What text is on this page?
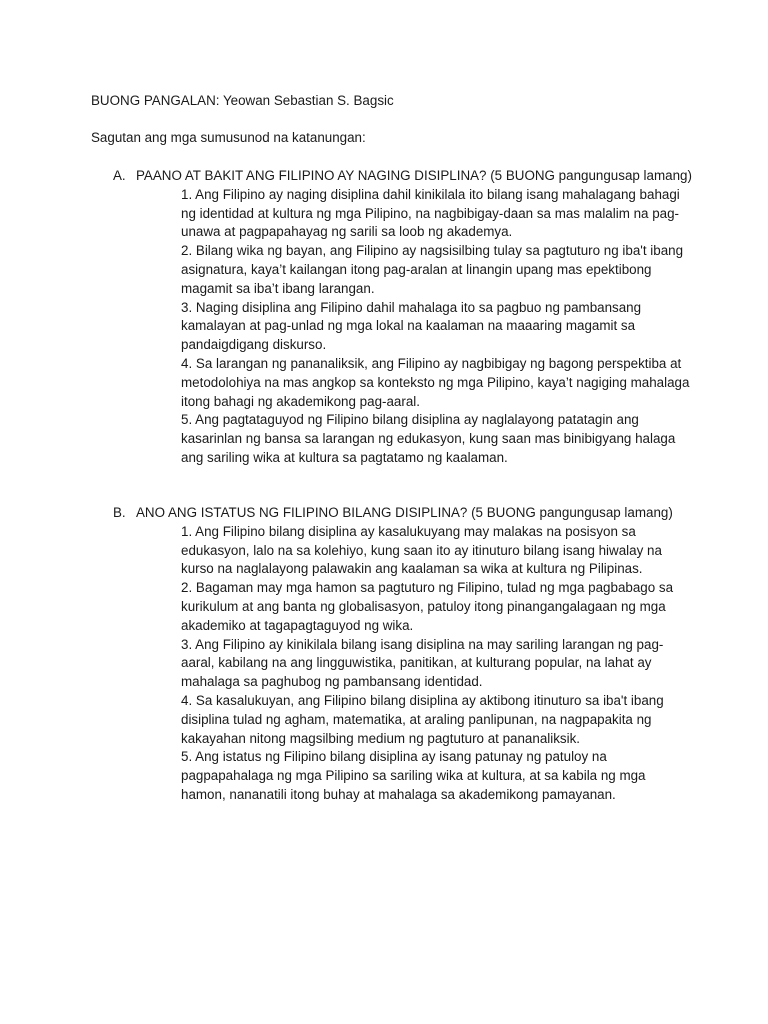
BUONG PANGALAN: Yeowan Sebastian S. Bagsic
Sagutan ang mga sumusunod na katanungan:
A. PAANO AT BAKIT ANG FILIPINO AY NAGING DISIPLINA? (5 BUONG pangungusap lamang)

1. Ang Filipino ay naging disiplina dahil kinikilala ito bilang isang mahalagang bahagi ng identidad at kultura ng mga Pilipino, na nagbibigay-daan sa mas malalim na pag-unawa at pagpapahayag ng sarili sa loob ng akademya.

2. Bilang wika ng bayan, ang Filipino ay nagsisilbing tulay sa pagtuturo ng iba't ibang asignatura, kaya’t kailangan itong pag-aralan at linangin upang mas epektibong magamit sa iba’t ibang larangan.

3. Naging disiplina ang Filipino dahil mahalaga ito sa pagbuo ng pambansang kamalayan at pag-unlad ng mga lokal na kaalaman na maaaring magamit sa pandaigdigang diskurso.

4. Sa larangan ng pananaliksik, ang Filipino ay nagbibigay ng bagong perspektiba at metodolohiya na mas angkop sa konteksto ng mga Pilipino, kaya’t nagiging mahalaga itong bahagi ng akademikong pag-aaral.

5. Ang pagtataguyod ng Filipino bilang disiplina ay naglalayong patatagin ang kasarinlan ng bansa sa larangan ng edukasyon, kung saan mas binibigyang halaga ang sariling wika at kultura sa pagtatamo ng kaalaman.

B. ANO ANG ISTATUS NG FILIPINO BILANG DISIPLINA? (5 BUONG pangungusap lamang)

1. Ang Filipino bilang disiplina ay kasalukuyang may malakas na posisyon sa edukasyon, lalo na sa kolehiyo, kung saan ito ay itinuturo bilang isang hiwalay na kurso na naglalayong palawakin ang kaalaman sa wika at kultura ng Pilipinas.

2. Bagaman may mga hamon sa pagtuturo ng Filipino, tulad ng mga pagbabago sa kurikulum at ang banta ng globalisasyon, patuloy itong pinangangalagaan ng mga akademiko at tagapagtaguyod ng wika.

3. Ang Filipino ay kinikilala bilang isang disiplina na may sariling larangan ng pag-aaral, kabilang na ang lingguwistika, panitikan, at kulturang popular, na lahat ay mahalaga sa paghubog ng pambansang identidad.

4. Sa kasalukuyan, ang Filipino bilang disiplina ay aktibong itinuturo sa iba't ibang disiplina tulad ng agham, matematika, at araling panlipunan, na nagpapakita ng kakayahan nitong magsilbing medium ng pagtuturo at pananaliksik.

5. Ang istatus ng Filipino bilang disiplina ay isang patunay ng patuloy na pagpapahalaga ng mga Pilipino sa sariling wika at kultura, at sa kabila ng mga hamon, nananatili itong buhay at mahalaga sa akademikong pamayanan.
